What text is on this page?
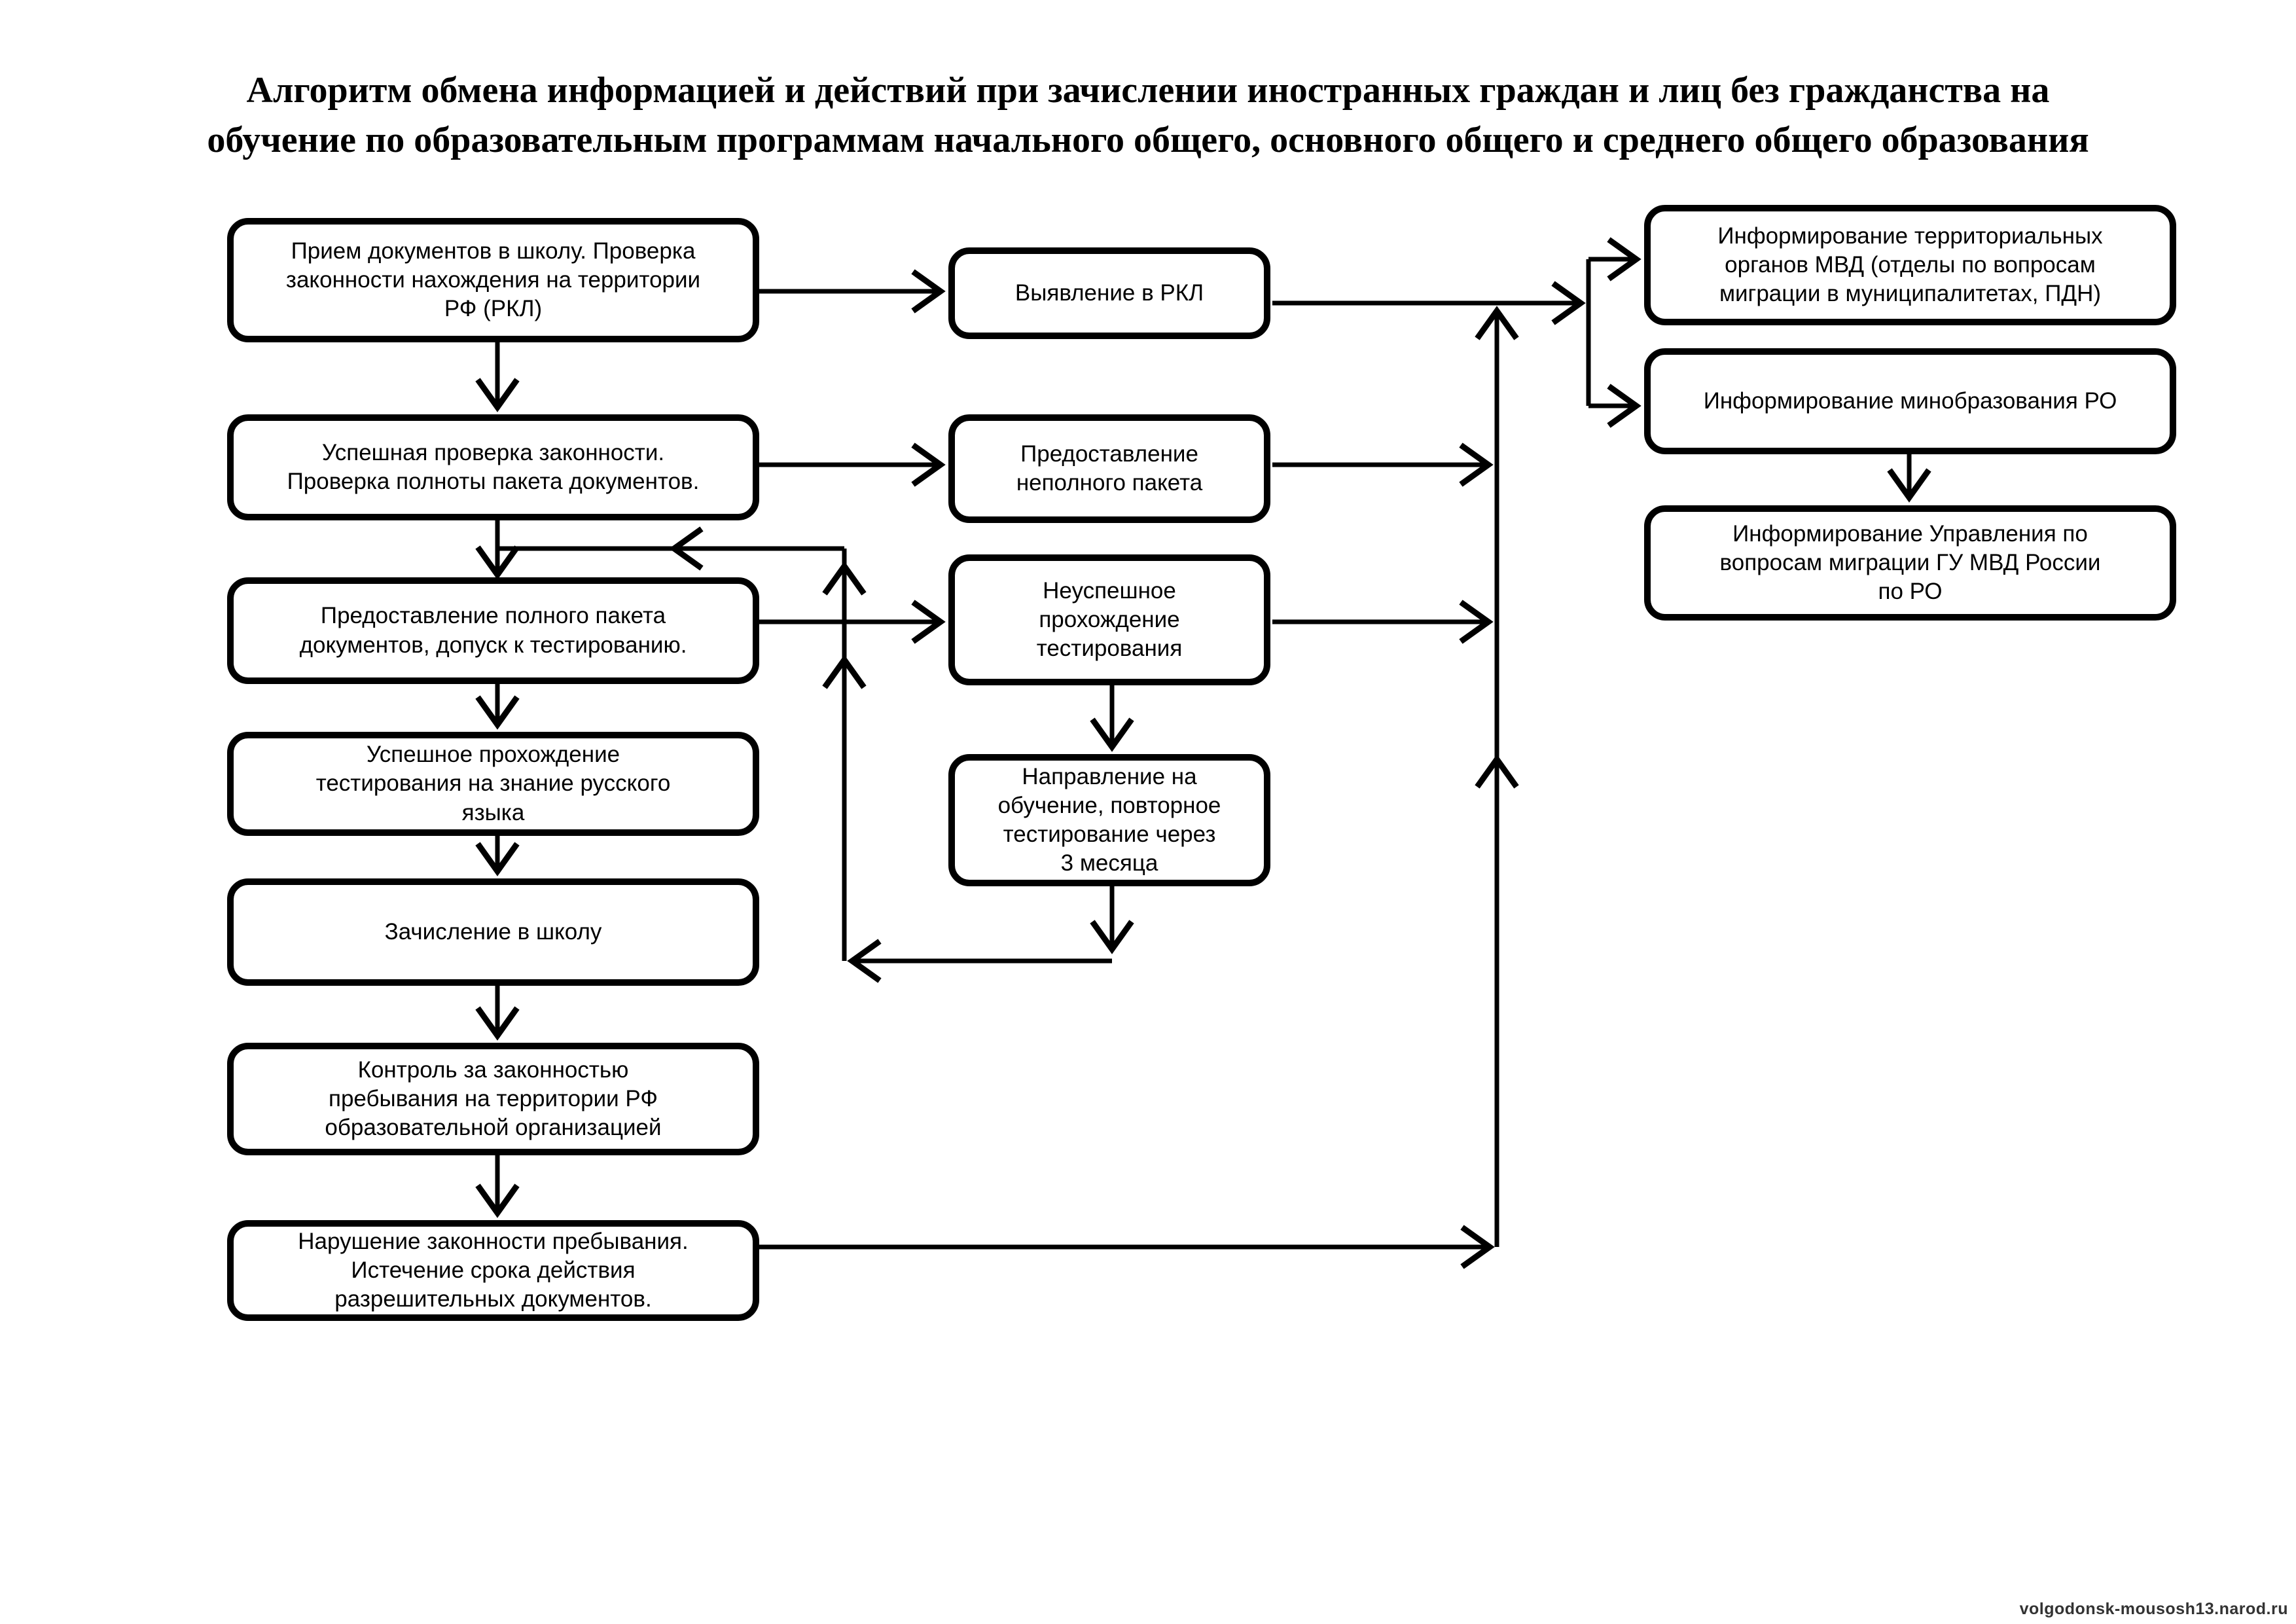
Алгоритм обмена информацией и действий при зачислении иностранных граждан и лиц без гражданства на
обучение по образовательным программам начального общего, основного общего и среднего общего образования
Прием документов в школу. Проверка законности нахождения на территории РФ (РКЛ)
Успешная проверка законности. Проверка полноты пакета документов.
Предоставление полного пакета документов, допуск к тестированию.
Успешное прохождение тестирования на знание русского языка
Зачисление в школу
Контроль за законностью пребывания на территории РФ образовательной организацией
Нарушение законности пребывания. Истечение срока действия разрешительных документов.
Выявление в РКЛ
Предоставление неполного пакета
Неуспешное прохождение тестирования
Направление на обучение, повторное тестирование через 3 месяца
Информирование территориальных органов МВД (отделы по вопросам миграции в муниципалитетах, ПДН)
Информирование минобразования РО
Информирование Управления по вопросам миграции ГУ МВД России по РО
volgodonsk-mousosh13.narod.ru
